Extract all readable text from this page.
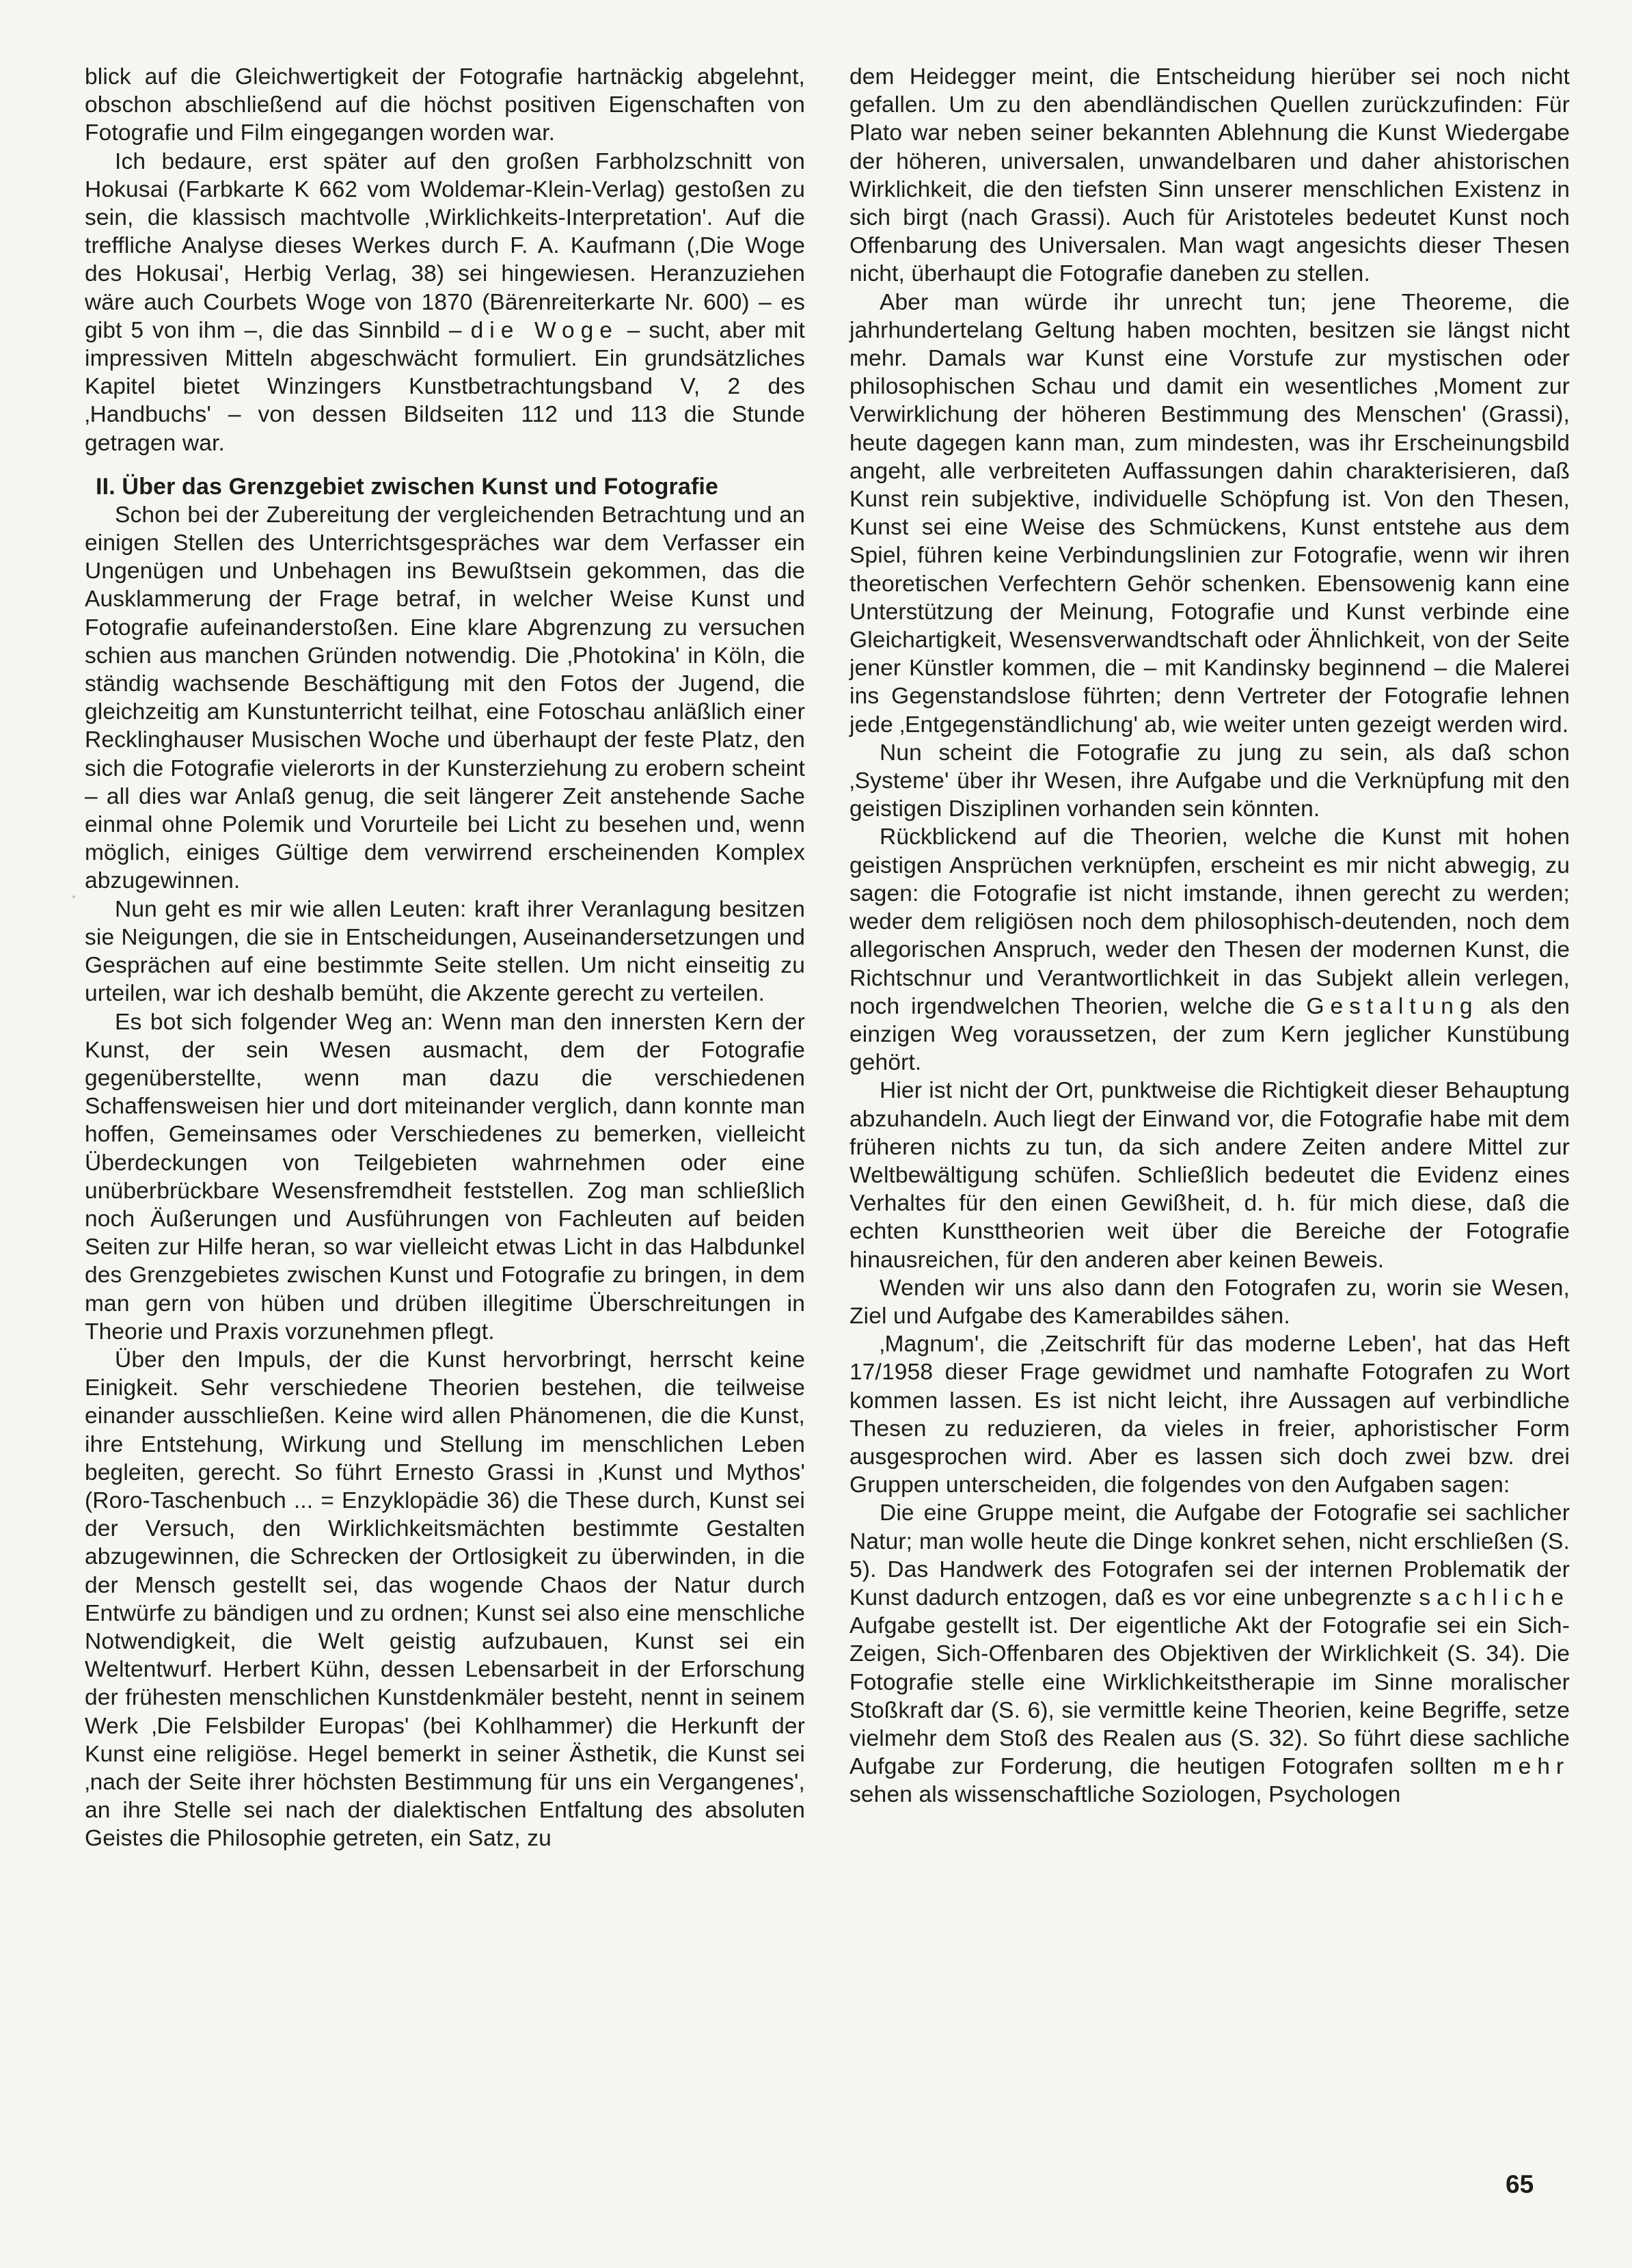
blick auf die Gleichwertigkeit der Fotografie hartnäckig abgelehnt, obschon abschließend auf die höchst positiven Eigenschaften von Fotografie und Film eingegangen worden war.

Ich bedaure, erst später auf den großen Farbholzschnitt von Hokusai (Farbkarte K 662 vom Woldemar-Klein-Verlag) gestoßen zu sein, die klassisch machtvolle ‚Wirklichkeits-Interpretation'. Auf die treffliche Analyse dieses Werkes durch F. A. Kaufmann (‚Die Woge des Hokusai', Herbig Verlag, 38) sei hingewiesen. Heranzuziehen wäre auch Courbets Woge von 1870 (Bärenreiterkarte Nr. 600) – es gibt 5 von ihm –, die das Sinnbild – die Woge – sucht, aber mit impressiven Mitteln abgeschwächt formuliert. Ein grundsätzliches Kapitel bietet Winzingers Kunstbetrachtungsband V, 2 des ‚Handbuchs' – von dessen Bildseiten 112 und 113 die Stunde getragen war.

II. Über das Grenzgebiet zwischen Kunst und Fotografie

Schon bei der Zubereitung der vergleichenden Betrachtung und an einigen Stellen des Unterrichtsgespräches war dem Verfasser ein Ungenügen und Unbehagen ins Bewußtsein gekommen, das die Ausklammerung der Frage betraf, in welcher Weise Kunst und Fotografie aufeinanderstoßen. Eine klare Abgrenzung zu versuchen schien aus manchen Gründen notwendig. Die ‚Photokina' in Köln, die ständig wachsende Beschäftigung mit den Fotos der Jugend, die gleichzeitig am Kunstunterricht teilhat, eine Fotoschau anläßlich einer Recklinghauser Musischen Woche und überhaupt der feste Platz, den sich die Fotografie vielerorts in der Kunsterziehung zu erobern scheint – all dies war Anlaß genug, die seit längerer Zeit anstehende Sache einmal ohne Polemik und Vorurteile bei Licht zu besehen und, wenn möglich, einiges Gültige dem verwirrend erscheinenden Komplex abzugewinnen.

Nun geht es mir wie allen Leuten: kraft ihrer Veranlagung besitzen sie Neigungen, die sie in Entscheidungen, Auseinandersetzungen und Gesprächen auf eine bestimmte Seite stellen. Um nicht einseitig zu urteilen, war ich deshalb bemüht, die Akzente gerecht zu verteilen.

Es bot sich folgender Weg an: Wenn man den innersten Kern der Kunst, der sein Wesen ausmacht, dem der Fotografie gegenüberstellte, wenn man dazu die verschiedenen Schaffensweisen hier und dort miteinander verglich, dann konnte man hoffen, Gemeinsames oder Verschiedenes zu bemerken, vielleicht Überdeckungen von Teilgebieten wahrnehmen oder eine unüberbrückbare Wesensfremdheit feststellen. Zog man schließlich noch Äußerungen und Ausführungen von Fachleuten auf beiden Seiten zur Hilfe heran, so war vielleicht etwas Licht in das Halbdunkel des Grenzgebietes zwischen Kunst und Fotografie zu bringen, in dem man gern von hüben und drüben illegitime Überschreitungen in Theorie und Praxis vorzunehmen pflegt.

Über den Impuls, der die Kunst hervorbringt, herrscht keine Einigkeit. Sehr verschiedene Theorien bestehen, die teilweise einander ausschließen. Keine wird allen Phänomenen, die die Kunst, ihre Entstehung, Wirkung und Stellung im menschlichen Leben begleiten, gerecht. So führt Ernesto Grassi in ‚Kunst und Mythos' (Roro-Taschenbuch ... = Enzyklopädie 36) die These durch, Kunst sei der Versuch, den Wirklichkeitsmächten bestimmte Gestalten abzugewinnen, die Schrecken der Ortlosigkeit zu überwinden, in die der Mensch gestellt sei, das wogende Chaos der Natur durch Entwürfe zu bändigen und zu ordnen; Kunst sei also eine menschliche Notwendigkeit, die Welt geistig aufzubauen, Kunst sei ein Weltentwurf. Herbert Kühn, dessen Lebensarbeit in der Erforschung der frühesten menschlichen Kunstdenkmäler besteht, nennt in seinem Werk ‚Die Felsbilder Europas' (bei Kohlhammer) die Herkunft der Kunst eine religiöse. Hegel bemerkt in seiner Ästhetik, die Kunst sei ‚nach der Seite ihrer höchsten Bestimmung für uns ein Vergangenes', an ihre Stelle sei nach der dialektischen Entfaltung des absoluten Geistes die Philosophie getreten, ein Satz, zu

dem Heidegger meint, die Entscheidung hierüber sei noch nicht gefallen. Um zu den abendländischen Quellen zurückzufinden: Für Plato war neben seiner bekannten Ablehnung die Kunst Wiedergabe der höheren, universalen, unwandelbaren und daher ahistorischen Wirklichkeit, die den tiefsten Sinn unserer menschlichen Existenz in sich birgt (nach Grassi). Auch für Aristoteles bedeutet Kunst noch Offenbarung des Universalen. Man wagt angesichts dieser Thesen nicht, überhaupt die Fotografie daneben zu stellen.

Aber man würde ihr unrecht tun; jene Theoreme, die jahrhundertelang Geltung haben mochten, besitzen sie längst nicht mehr. Damals war Kunst eine Vorstufe zur mystischen oder philosophischen Schau und damit ein wesentliches ‚Moment zur Verwirklichung der höheren Bestimmung des Menschen' (Grassi), heute dagegen kann man, zum mindesten, was ihr Erscheinungsbild angeht, alle verbreiteten Auffassungen dahin charakterisieren, daß Kunst rein subjektive, individuelle Schöpfung ist. Von den Thesen, Kunst sei eine Weise des Schmückens, Kunst entstehe aus dem Spiel, führen keine Verbindungslinien zur Fotografie, wenn wir ihren theoretischen Verfechtern Gehör schenken. Ebensowenig kann eine Unterstützung der Meinung, Fotografie und Kunst verbinde eine Gleichartigkeit, Wesensverwandtschaft oder Ähnlichkeit, von der Seite jener Künstler kommen, die – mit Kandinsky beginnend – die Malerei ins Gegenstandslose führten; denn Vertreter der Fotografie lehnen jede ‚Entgegenständlichung' ab, wie weiter unten gezeigt werden wird.

Nun scheint die Fotografie zu jung zu sein, als daß schon ‚Systeme' über ihr Wesen, ihre Aufgabe und die Verknüpfung mit den geistigen Disziplinen vorhanden sein könnten.

Rückblickend auf die Theorien, welche die Kunst mit hohen geistigen Ansprüchen verknüpfen, erscheint es mir nicht abwegig, zu sagen: die Fotografie ist nicht imstande, ihnen gerecht zu werden; weder dem religiösen noch dem philosophisch-deutenden, noch dem allegorischen Anspruch, weder den Thesen der modernen Kunst, die Richtschnur und Verantwortlichkeit in das Subjekt allein verlegen, noch irgendwelchen Theorien, welche die Gestaltung als den einzigen Weg voraussetzen, der zum Kern jeglicher Kunstübung gehört.

Hier ist nicht der Ort, punktweise die Richtigkeit dieser Behauptung abzuhandeln. Auch liegt der Einwand vor, die Fotografie habe mit dem früheren nichts zu tun, da sich andere Zeiten andere Mittel zur Weltbewältigung schüfen. Schließlich bedeutet die Evidenz eines Verhaltes für den einen Gewißheit, d. h. für mich diese, daß die echten Kunsttheorien weit über die Bereiche der Fotografie hinausreichen, für den anderen aber keinen Beweis.

Wenden wir uns also dann den Fotografen zu, worin sie Wesen, Ziel und Aufgabe des Kamerabildes sähen.

‚Magnum', die ‚Zeitschrift für das moderne Leben', hat das Heft 17/1958 dieser Frage gewidmet und namhafte Fotografen zu Wort kommen lassen. Es ist nicht leicht, ihre Aussagen auf verbindliche Thesen zu reduzieren, da vieles in freier, aphoristischer Form ausgesprochen wird. Aber es lassen sich doch zwei bzw. drei Gruppen unterscheiden, die folgendes von den Aufgaben sagen:

Die eine Gruppe meint, die Aufgabe der Fotografie sei sachlicher Natur; man wolle heute die Dinge konkret sehen, nicht erschließen (S. 5). Das Handwerk des Fotografen sei der internen Problematik der Kunst dadurch entzogen, daß es vor eine unbegrenzte sachliche Aufgabe gestellt ist. Der eigentliche Akt der Fotografie sei ein Sich-Zeigen, Sich-Offenbaren des Objektiven der Wirklichkeit (S. 34). Die Fotografie stelle eine Wirklichkeitstherapie im Sinne moralischer Stoßkraft dar (S. 6), sie vermittle keine Theorien, keine Begriffe, setze vielmehr dem Stoß des Realen aus (S. 32). So führt diese sachliche Aufgabe zur Forderung, die heutigen Fotografen sollten mehr sehen als wissenschaftliche Soziologen, Psychologen

65
